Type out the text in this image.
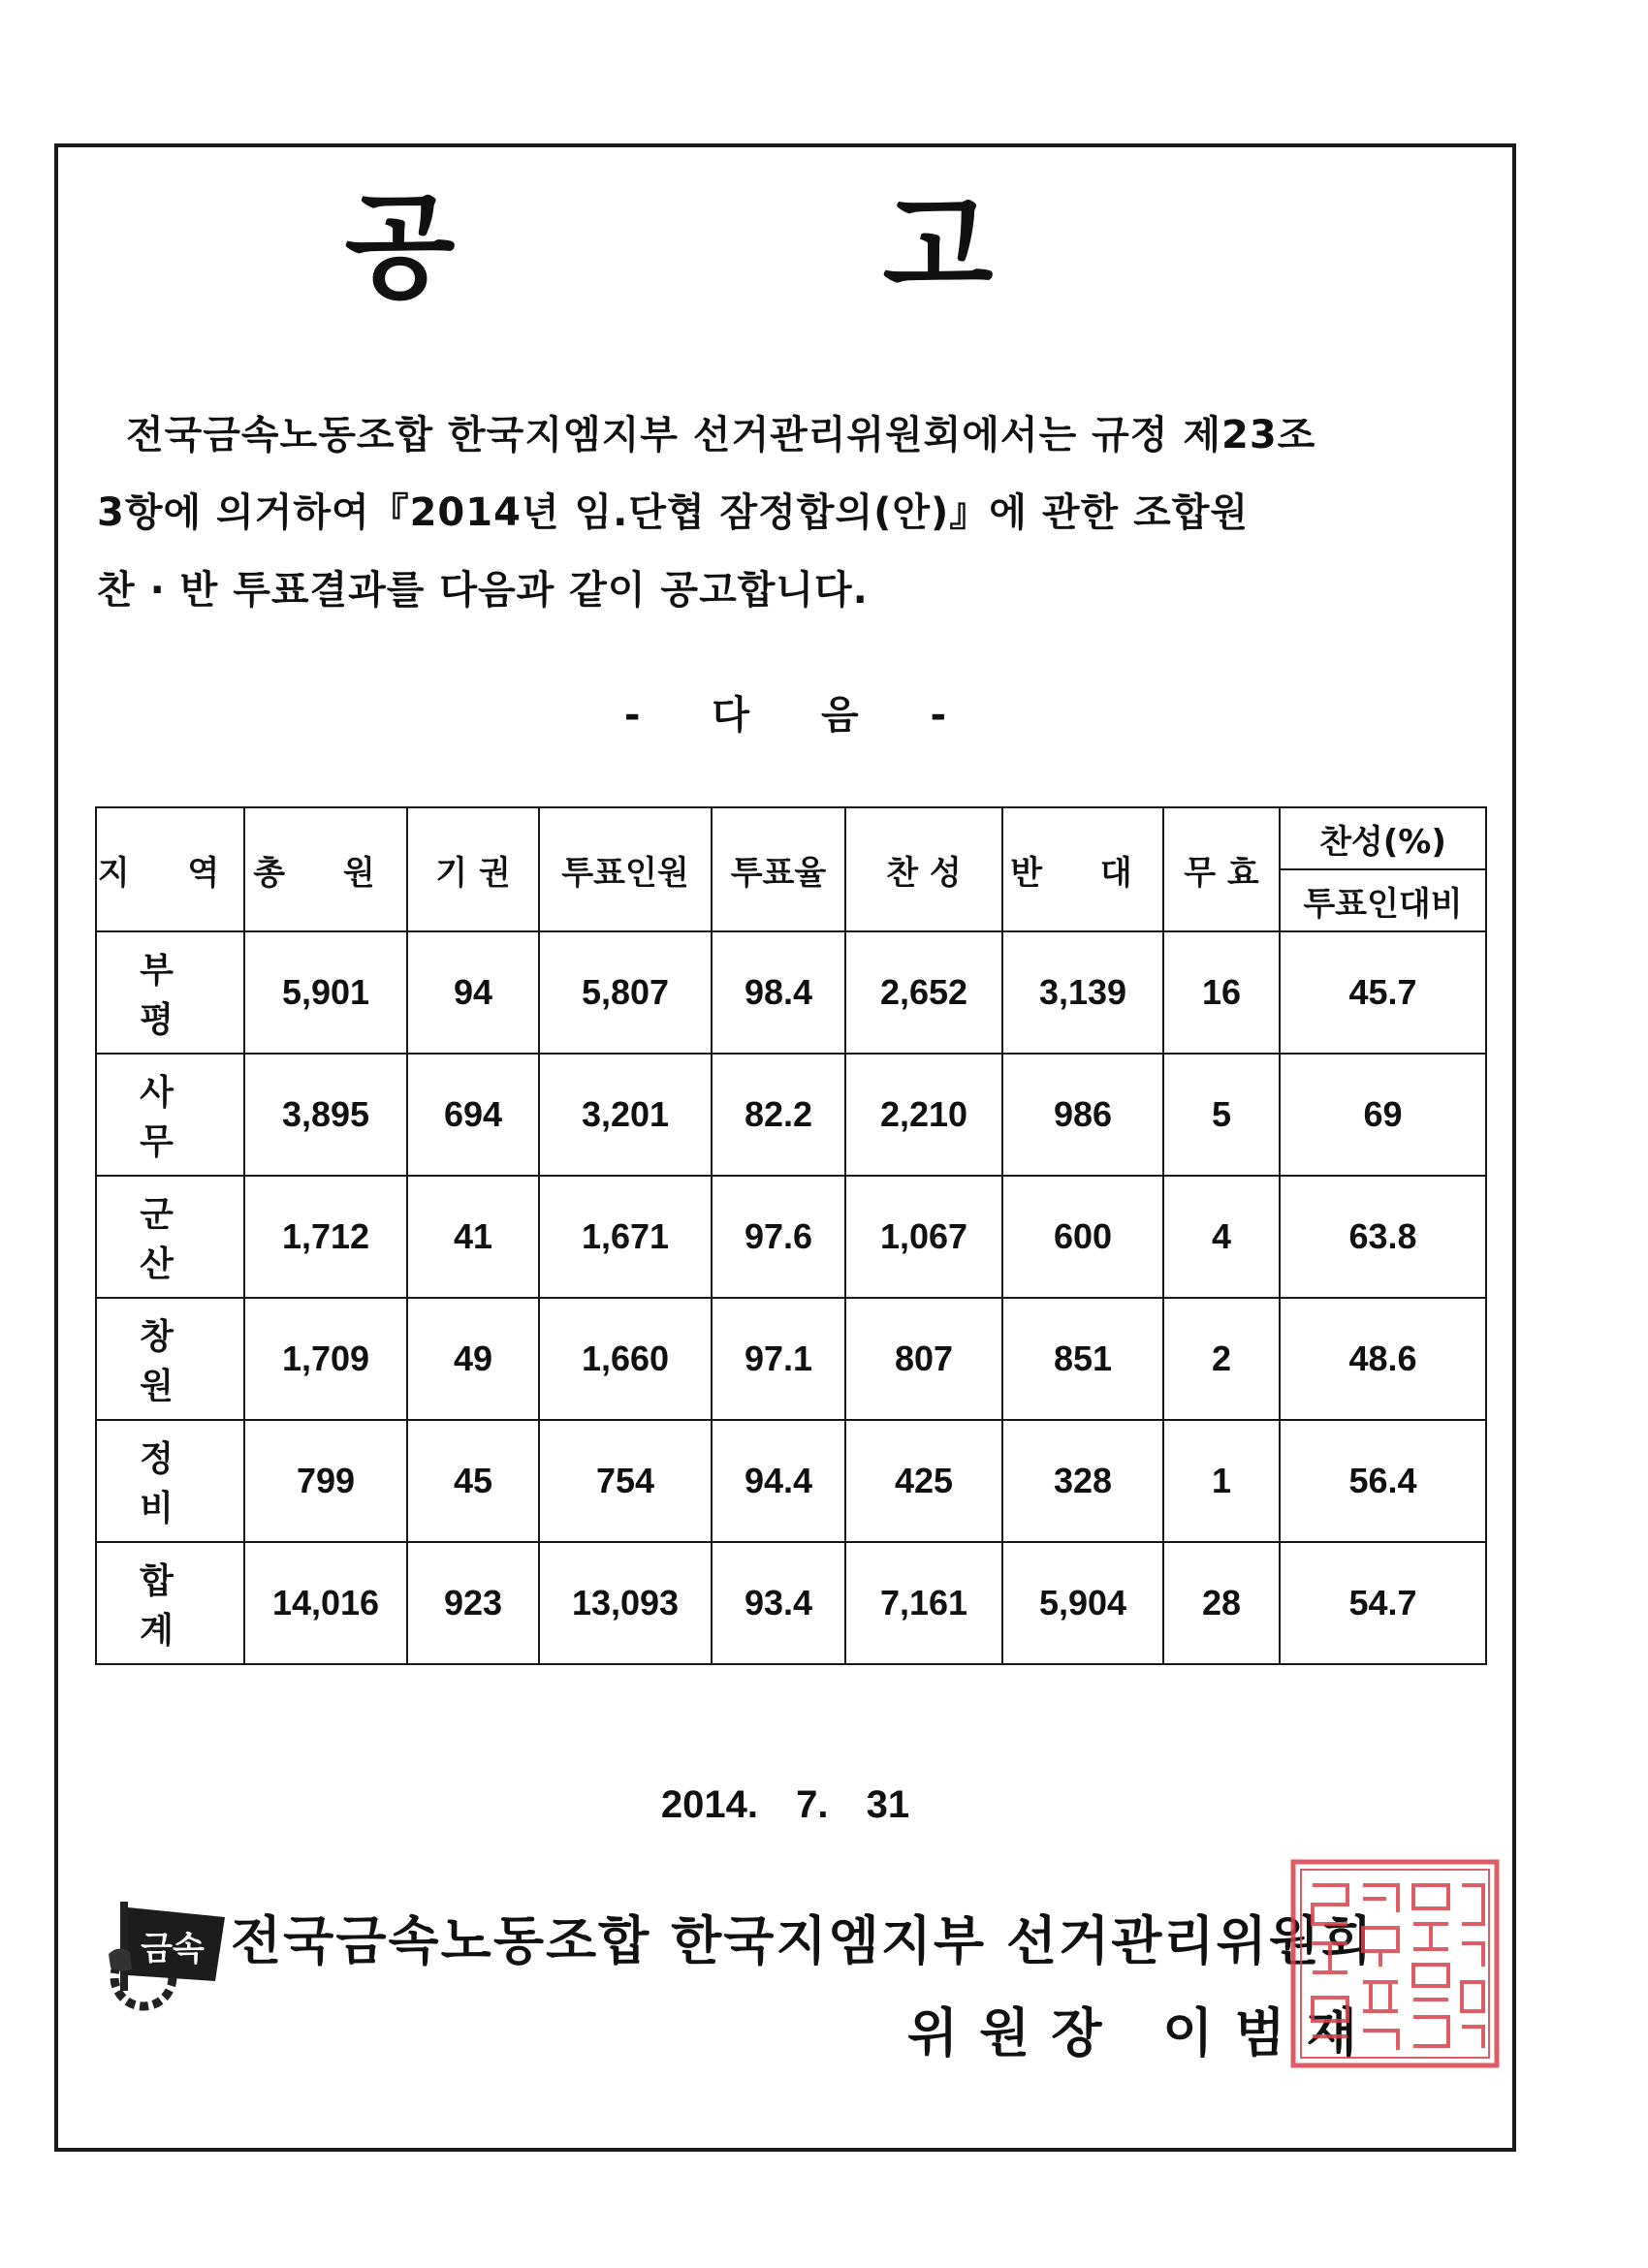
공 고
전국금속노동조합 한국지엠지부 선거관리위원회에서는 규정 제23조
3항에 의거하여『2014년 임.단협 잠정합의(안)』에 관한 조합원
찬 · 반 투표결과를 다음과 같이 공고합니다.
- 다 음 -
지 역	총 원	기 권	투표인원	투표율	찬 성	반 대	무 효	찬성(%)
								투표인대비
부 평	5,901	94	5,807	98.4	2,652	3,139	16	45.7
사 무	3,895	694	3,201	82.2	2,210	986	5	69
군 산	1,712	41	1,671	97.6	1,067	600	4	63.8
창 원	1,709	49	1,660	97.1	807	851	2	48.6
정 비	799	45	754	94.4	425	328	1	56.4
합 계	14,016	923	13,093	93.4	7,161	5,904	28	54.7
2014. 7. 31
금속 전국금속노동조합 한국지엠지부 선거관리위원회
위원장 이범재
